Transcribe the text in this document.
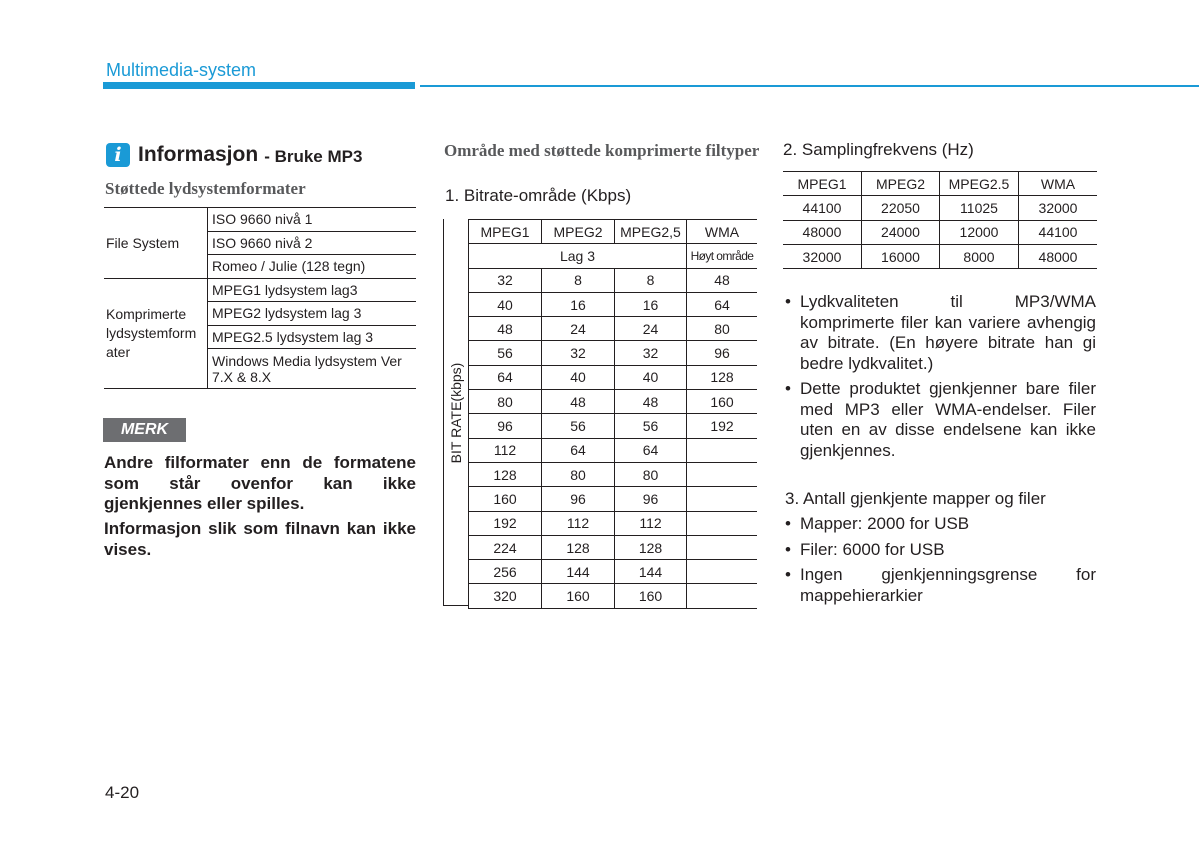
Multimedia-system
i Informasjon - Bruke MP3
Støttede lydsystemformater
File System	ISO 9660 nivå 1
	ISO 9660 nivå 2
	Romeo / Julie (128 tegn)
Komprimerte lydsystemform ater	MPEG1 lydsystem lag3
	MPEG2 lydsystem lag 3
	MPEG2.5 lydsystem lag 3
	Windows Media lydsystem Ver 7.X & 8.X
MERK
Andre filformater enn de formatene som står ovenfor kan ikke gjenkjennes eller spilles.
Informasjon slik som filnavn kan ikke vises.
Område med støttede komprimerte filtyper
1. Bitrate-område (Kbps)
BIT RATE(kbps)
MPEG1	MPEG2	MPEG2,5	WMA
Lag 3			Høyt område
32	8	8	48
40	16	16	64
48	24	24	80
56	32	32	96
64	40	40	128
80	48	48	160
96	56	56	192
112	64	64	
128	80	80	
160	96	96	
192	112	112	
224	128	128	
256	144	144	
320	160	160	
2. Samplingfrekvens (Hz)
MPEG1	MPEG2	MPEG2.5	WMA
44100	22050	11025	32000
48000	24000	12000	44100
32000	16000	8000	48000
• Lydkvaliteten til MP3/WMA komprimerte filer kan variere avhengig av bitrate. (En høyere bitrate han gi bedre lydkvalitet.)
• Dette produktet gjenkjenner bare filer med MP3 eller WMA-endelser. Filer uten en av disse endelsene kan ikke gjenkjennes.
3. Antall gjenkjente mapper og filer
• Mapper: 2000 for USB
• Filer: 6000 for USB
• Ingen gjenkjenningsgrense for mappehierarkier
4-20
